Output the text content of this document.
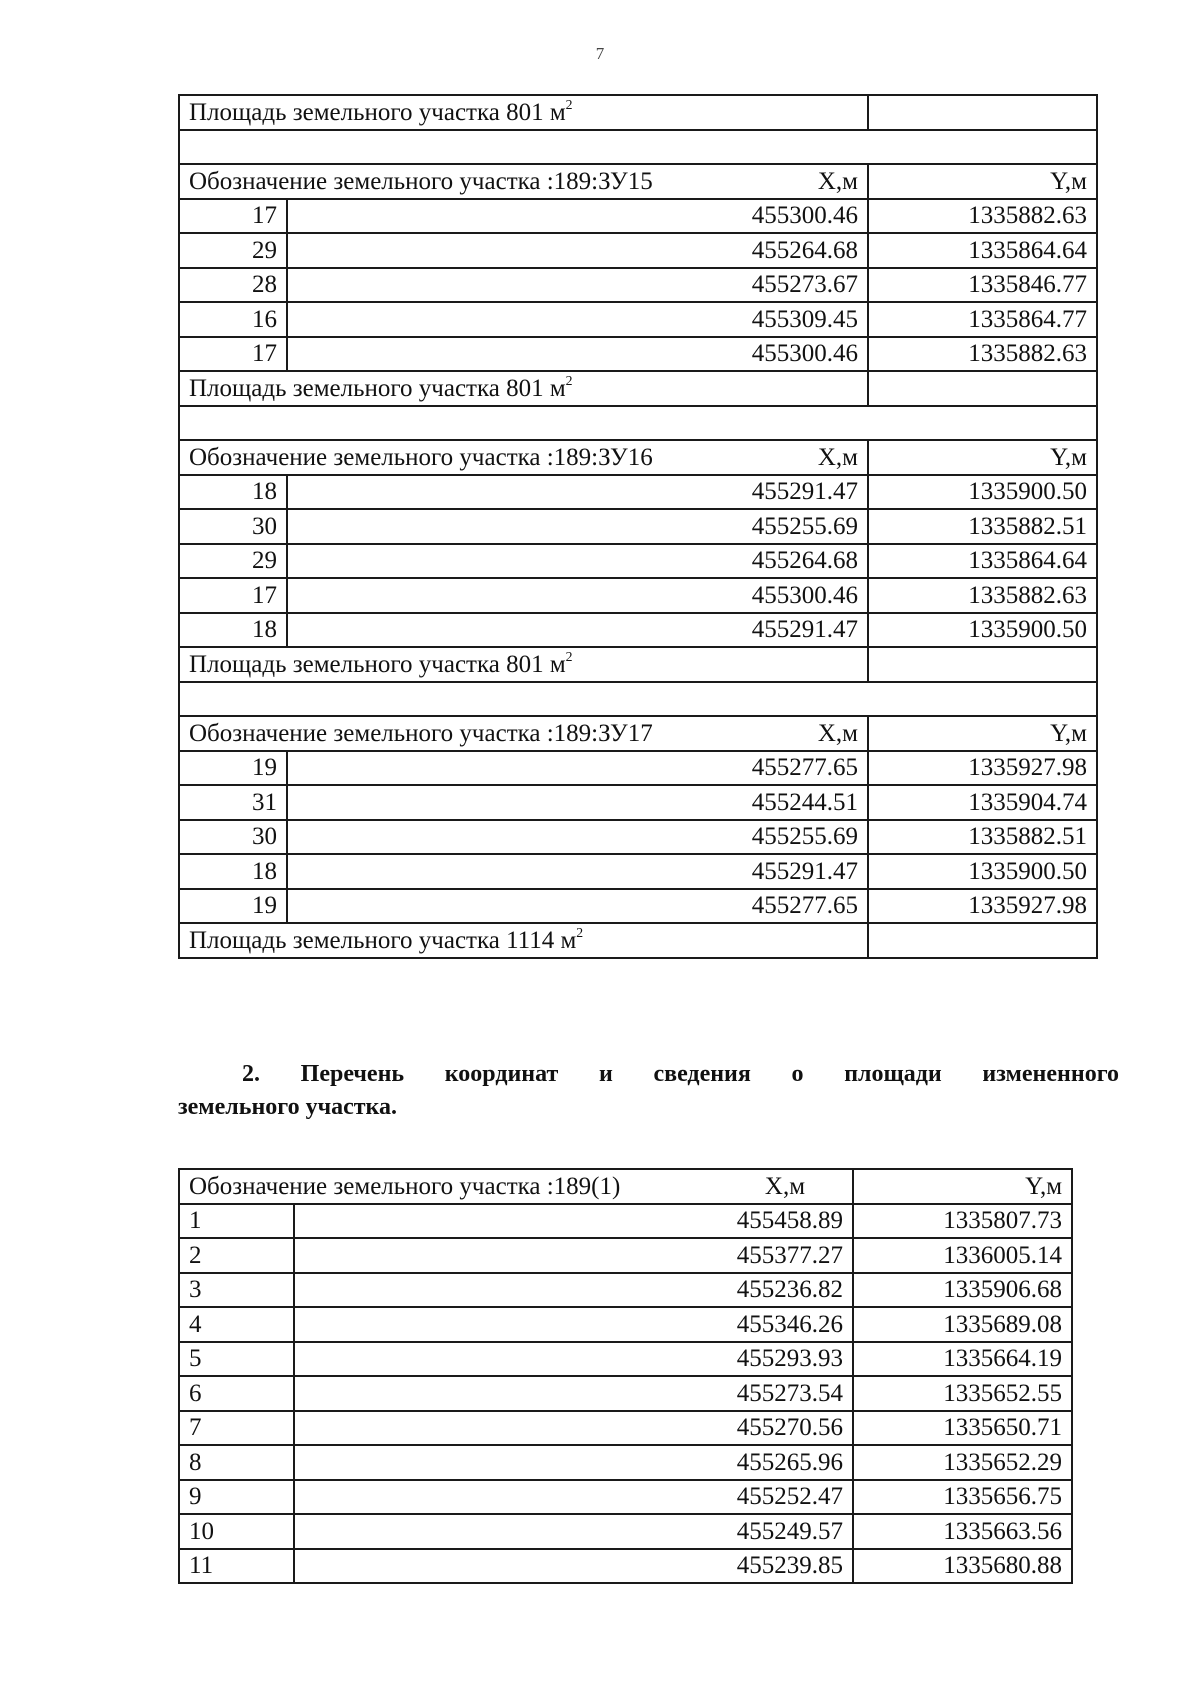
7
Площадь земельного участка 801 $м^2$	

Обозначение земельного участка :189:ЗУ15 X,м		Y,м
17	455300.46	1335882.63
29	455264.68	1335864.64
28	455273.67	1335846.77
16	455309.45	1335864.77
17	455300.46	1335882.63
Площадь земельного участка 801 $м^2$	

Обозначение земельного участка :189:ЗУ16 X,м		Y,м
18	455291.47	1335900.50
30	455255.69	1335882.51
29	455264.68	1335864.64
17	455300.46	1335882.63
18	455291.47	1335900.50
Площадь земельного участка 801 $м^2$	

Обозначение земельного участка :189:ЗУ17 X,м		Y,м
19	455277.65	1335927.98
31	455244.51	1335904.74
30	455255.69	1335882.51
18	455291.47	1335900.50
19	455277.65	1335927.98
Площадь земельного участка 1114 $м^2$	
2. Перечень координат и сведения о площади измененного
земельного участка.
Обозначение земельного участка :189(1) X,м		Y,м
1	455458.89	1335807.73
2	455377.27	1336005.14
3	455236.82	1335906.68
4	455346.26	1335689.08
5	455293.93	1335664.19
6	455273.54	1335652.55
7	455270.56	1335650.71
8	455265.96	1335652.29
9	455252.47	1335656.75
10	455249.57	1335663.56
11	455239.85	1335680.88
